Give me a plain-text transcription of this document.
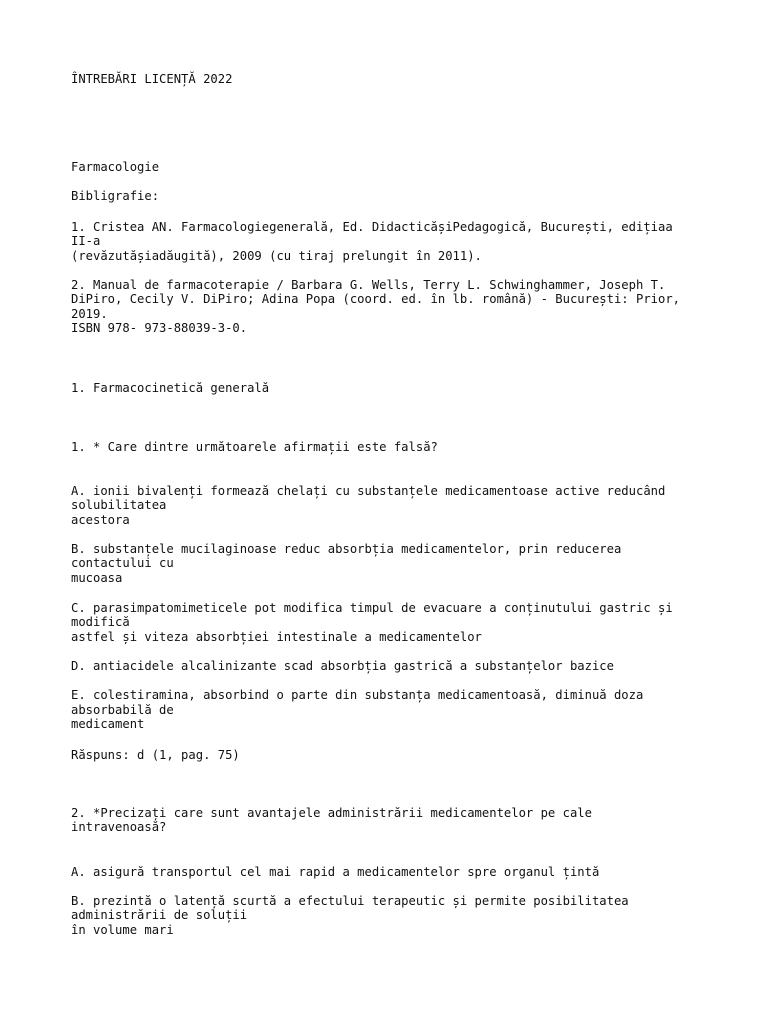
ÎNTREBĂRI LICENȚĂ 2022

Farmacologie

Bibligrafie:

1. Cristea AN. Farmacologiegenerală, Ed. DidacticășiPedagogică, București, edițiaa

II-a

(revăzutășiadăugită), 2009 (cu tiraj prelungit în 2011).

2. Manual de farmacoterapie / Barbara G. Wells, Terry L. Schwinghammer, Joseph T.

DiPiro, Cecily V. DiPiro; Adina Popa (coord. ed. în lb. română) - București: Prior,

2019.

ISBN 978- 973-88039-3-0.

1. Farmacocinetică generală

1. * Care dintre următoarele afirmații este falsă?

A. ionii bivalenți formează chelați cu substanțele medicamentoase active reducând

solubilitatea

acestora

B. substanțele mucilaginoase reduc absorbția medicamentelor, prin reducerea

contactului cu

mucoasa

C. parasimpatomimeticele pot modifica timpul de evacuare a conținutului gastric și

modifică

astfel și viteza absorbției intestinale a medicamentelor

D. antiacidele alcalinizante scad absorbția gastrică a substanțelor bazice

E. colestiramina, absorbind o parte din substanța medicamentoasă, diminuă doza

absorbabilă de

medicament

Răspuns: d (1, pag. 75)

2. *Precizați care sunt avantajele administrării medicamentelor pe cale

intravenoasă?

A. asigură transportul cel mai rapid a medicamentelor spre organul țintă

B. prezintă o latență scurtă a efectului terapeutic și permite posibilitatea

administrării de soluții

în volume mari
